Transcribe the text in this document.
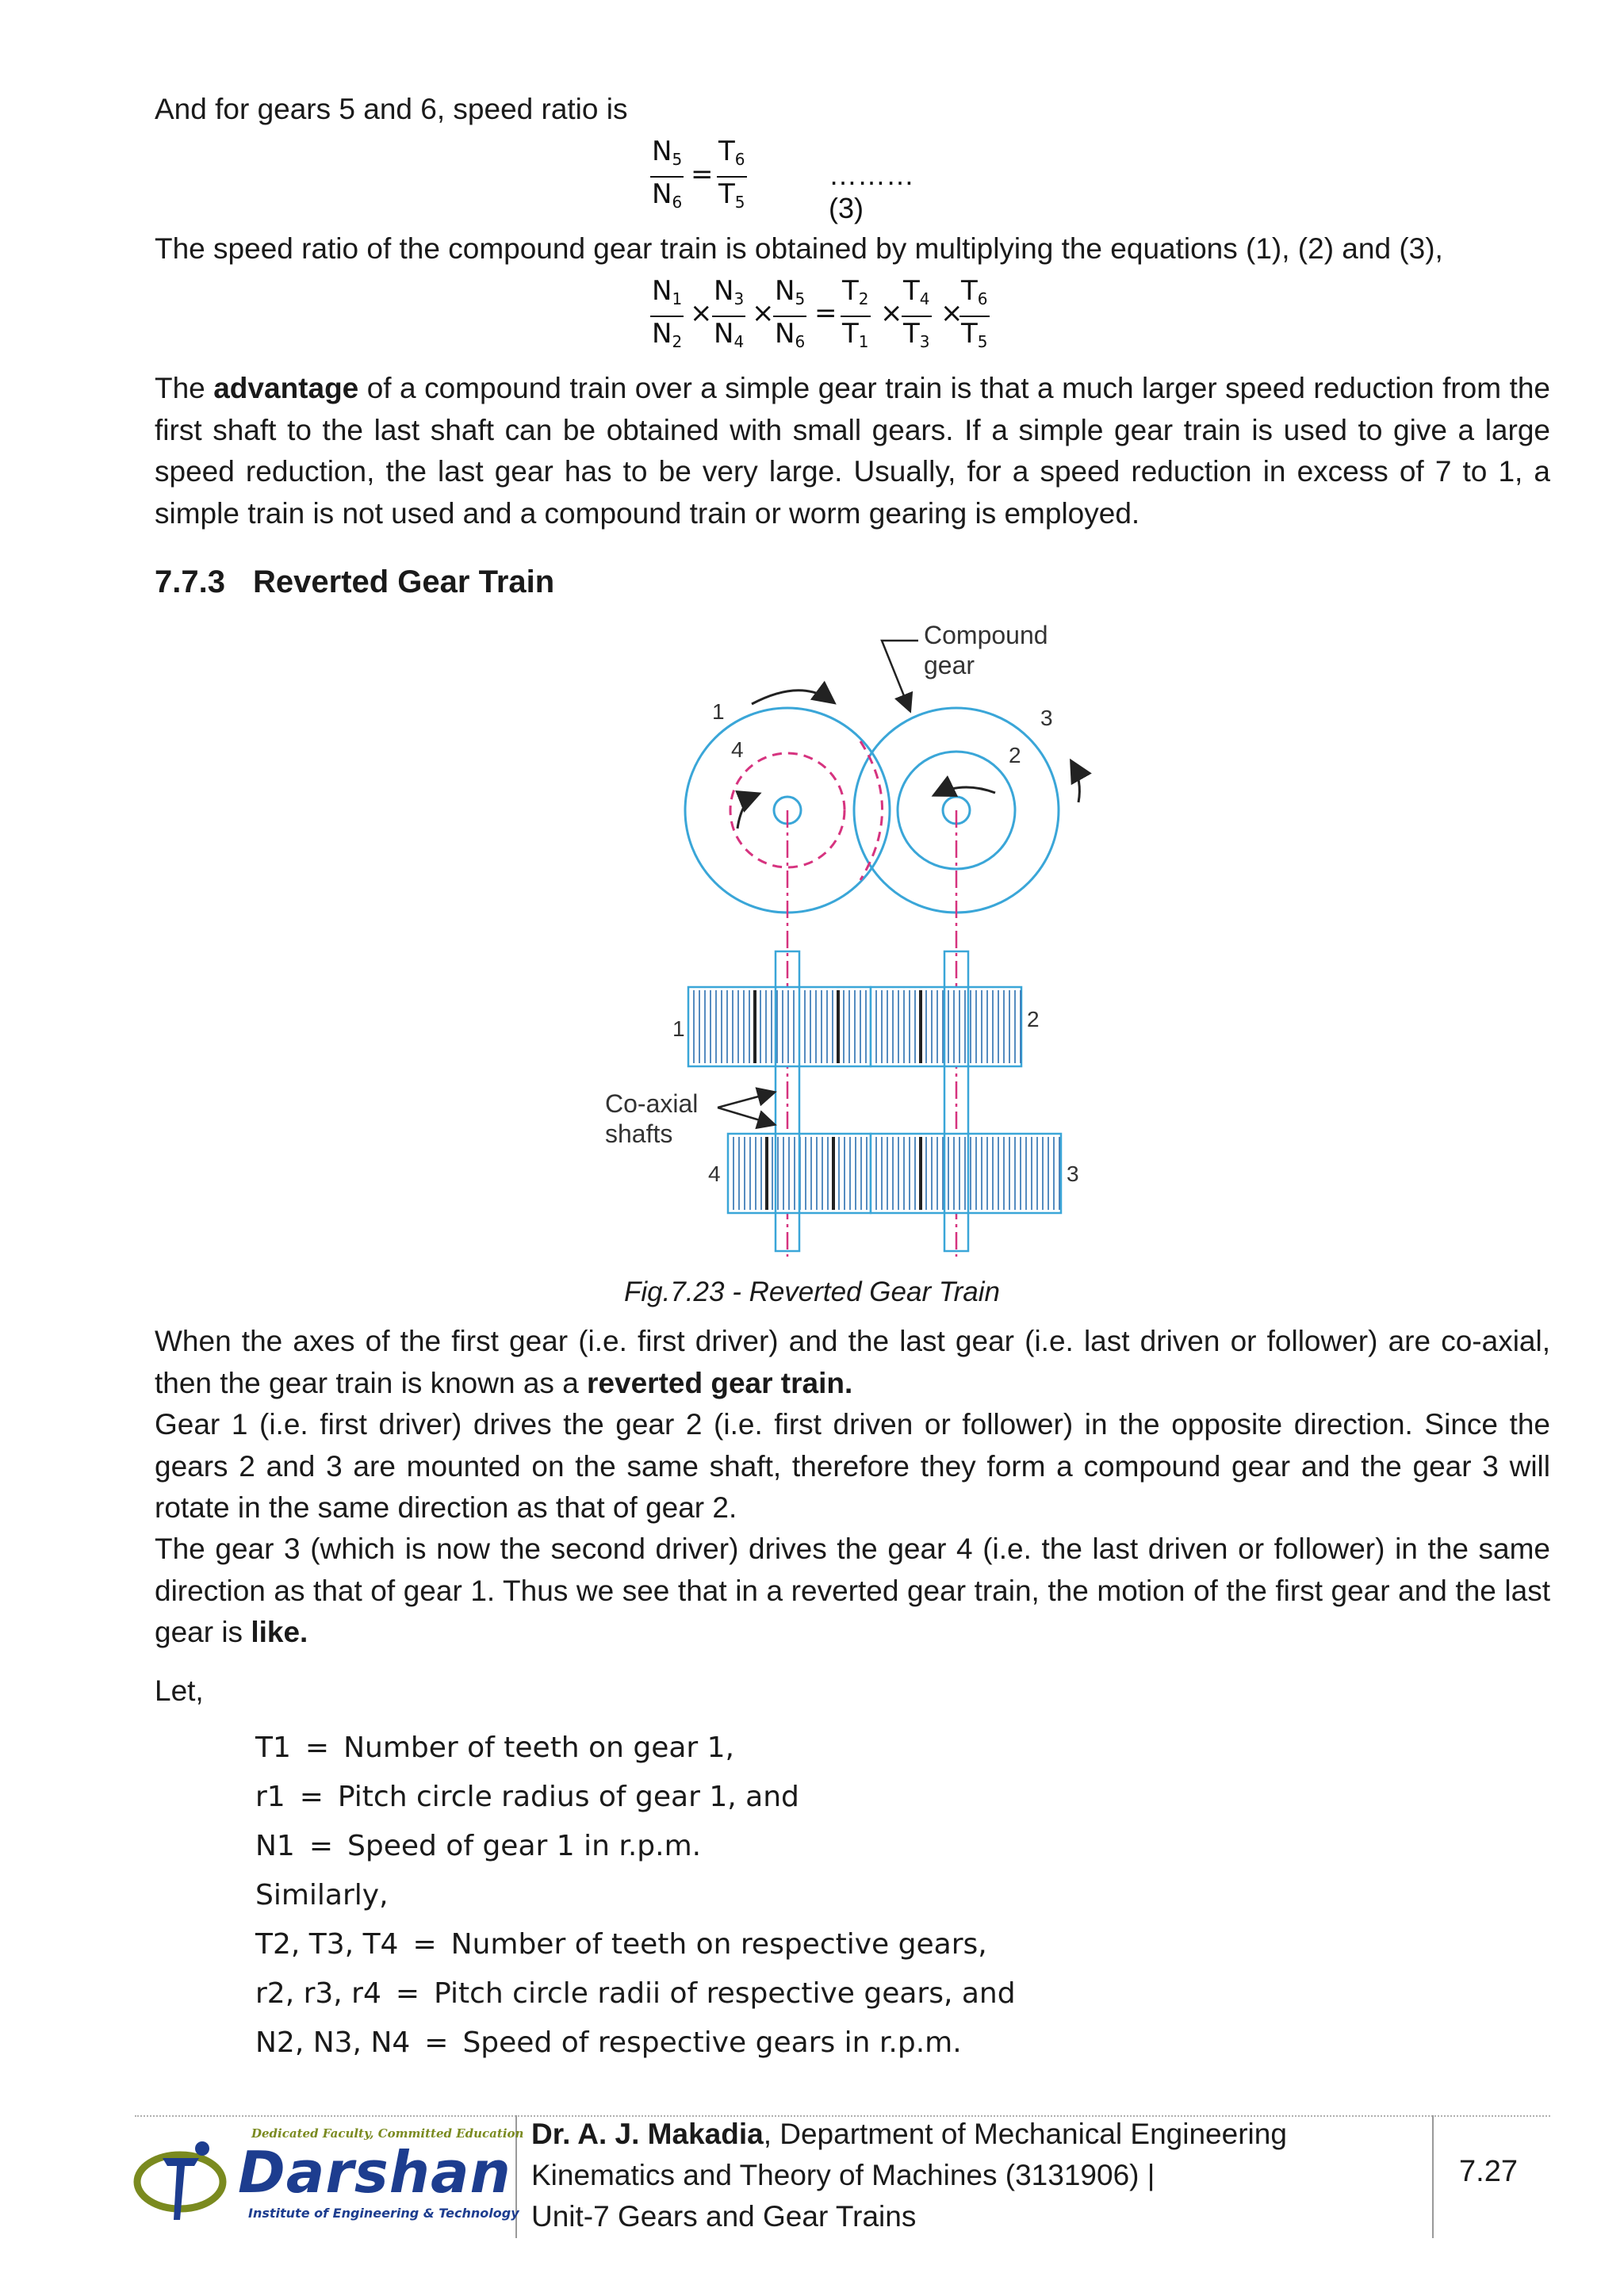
And for gears 5 and 6, speed ratio is

$\frac{N_5}{N_6} = \frac{T_6}{T_5}$	………(3)

The speed ratio of the compound gear train is obtained by multiplying the equations (1), (2) and (3),

$\frac{N_1}{N_2} \frac{N_3}{N_4} \frac{N_5}{N_6} \frac{T_2}{T_1} \frac{T_4}{T_3} \frac{T_6}{T_5}$
× × = × ×

The advantage of a compound train over a simple gear train is that a much larger speed reduction from the first shaft to the last shaft can be obtained with small gears. If a simple gear train is used to give a large speed reduction, the last gear has to be very large. Usually, for a speed reduction in excess of 7 to 1, a simple train is not used and a compound train or worm gearing is employed.

7.7.3 Reverted Gear Train
Compound
gear
1
4	2
3
1	2
4	3
Co-axial
shafts
Fig.7.23 - Reverted Gear Train

When the axes of the first gear (i.e. first driver) and the last gear (i.e. last driven or follower) are co-axial, then the gear train is known as a reverted gear train.

Gear 1 (i.e. first driver) drives the gear 2 (i.e. first driven or follower) in the opposite direction. Since the gears 2 and 3 are mounted on the same shaft, therefore they form a compound gear and the gear 3 will rotate in the same direction as that of gear 2.

The gear 3 (which is now the second driver) drives the gear 4 (i.e. the last driven or follower) in the same direction as that of gear 1. Thus we see that in a reverted gear train, the motion of the first gear and the last gear is like.

Let,

T1 = Number of teeth on gear 1,
r1 = Pitch circle radius of gear 1, and
N1 = Speed of gear 1 in r.p.m.
Similarly,
T2, T3, T4 = Number of teeth on respective gears,
r2, r3, r4 = Pitch circle radii of respective gears, and
N2, N3, N4 = Speed of respective gears in r.p.m.
Dedicated Faculty, Committed Education
Darshan
Institute of Engineering & Technology
Dr. A. J. Makadia, Department of Mechanical Engineering
Kinematics and Theory of Machines (3131906) |
Unit-7 Gears and Gear Trains
7.27
